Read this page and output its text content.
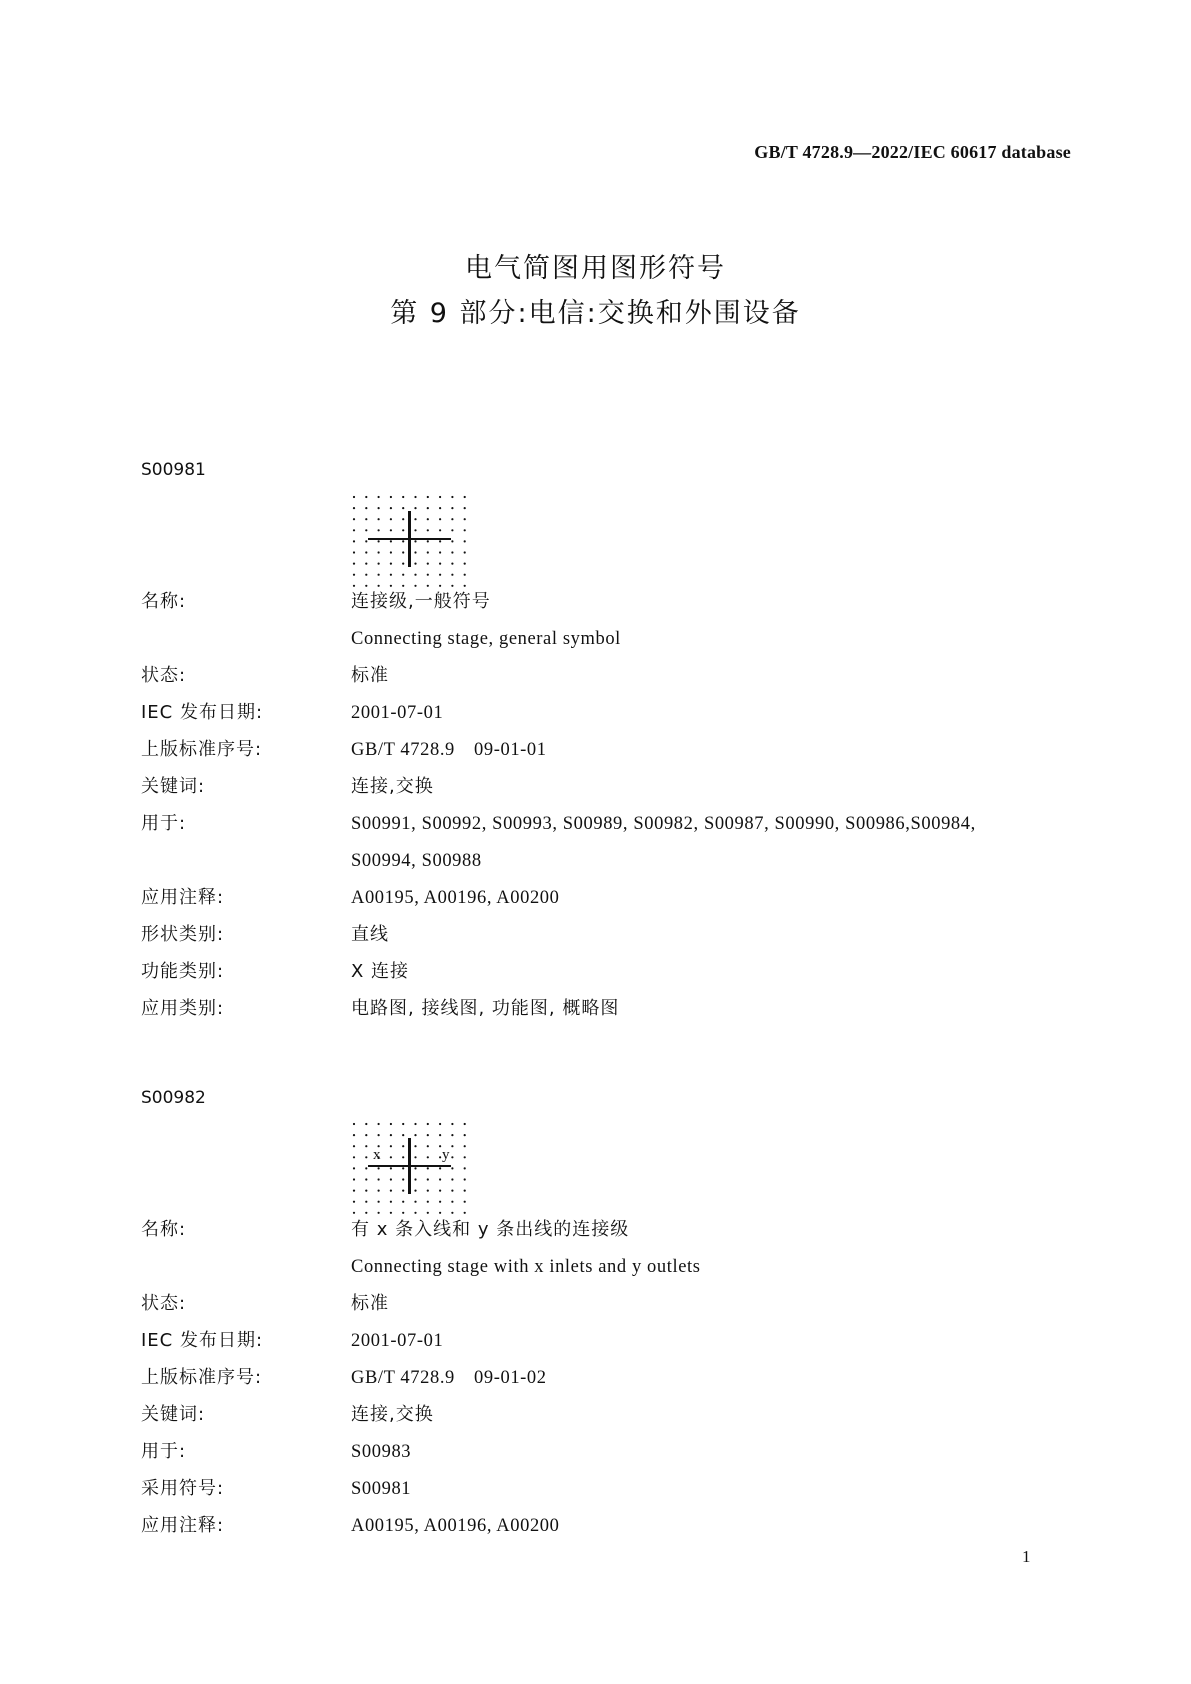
GB/T 4728.9—2022/IEC 60617 database
电气简图用图形符号
第 9 部分:电信:交换和外围设备
S00981
名称:	连接级,一般符号
Connecting stage, general symbol
状态:	标准
IEC 发布日期:	2001-07-01
上版标准序号:	GB/T 4728.9　09-01-01
关键词:	连接,交换
用于:	S00991, S00992, S00993, S00989, S00982, S00987, S00990, S00986,S00984,
S00994, S00988
应用注释:	A00195, A00196, A00200
形状类别:	直线
功能类别:	X 连接
应用类别:	电路图, 接线图, 功能图, 概略图
S00982
x	y
名称:	有 x 条入线和 y 条出线的连接级
Connecting stage with x inlets and y outlets
状态:	标准
IEC 发布日期:	2001-07-01
上版标准序号:	GB/T 4728.9　09-01-02
关键词:	连接,交换
用于:	S00983
采用符号:	S00981
应用注释:	A00195, A00196, A00200
1
